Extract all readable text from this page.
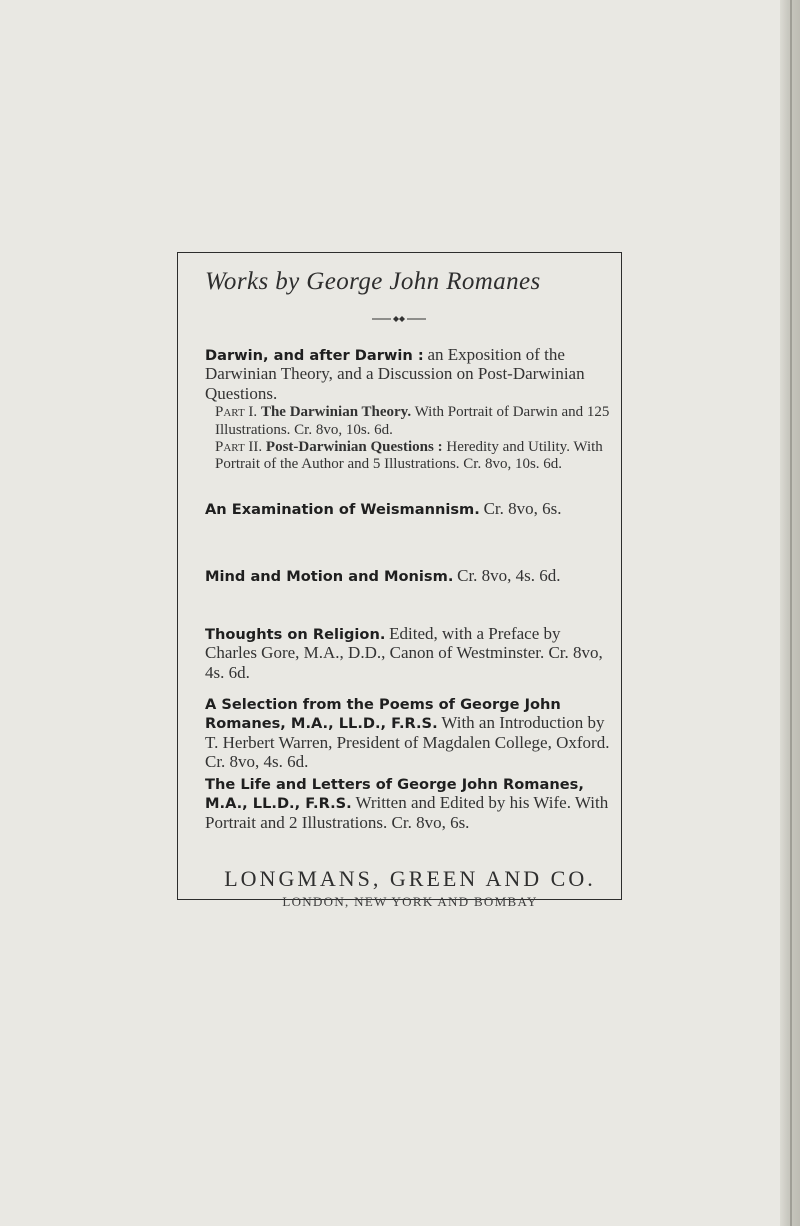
Works by George John Romanes
Darwin, and after Darwin : an Exposition of the Darwinian Theory, and a Discussion on Post-Darwinian Questions.
Part I. The Darwinian Theory. With Portrait of Darwin and 125 Illustrations. Cr. 8vo, 10s. 6d.
Part II. Post-Darwinian Questions : Heredity and Utility. With Portrait of the Author and 5 Illustrations. Cr. 8vo, 10s. 6d.
An Examination of Weismannism. Cr. 8vo, 6s.
Mind and Motion and Monism. Cr. 8vo, 4s. 6d.
Thoughts on Religion. Edited, with a Preface by Charles Gore, M.A., D.D., Canon of Westminster. Cr. 8vo, 4s. 6d.
A Selection from the Poems of George John Romanes, M.A., LL.D., F.R.S. With an Introduction by T. Herbert Warren, President of Magdalen College, Oxford. Cr. 8vo, 4s. 6d.
The Life and Letters of George John Romanes, M.A., LL.D., F.R.S. Written and Edited by his Wife. With Portrait and 2 Illustrations. Cr. 8vo, 6s.
LONGMANS, GREEN AND CO.
LONDON, NEW YORK AND BOMBAY
